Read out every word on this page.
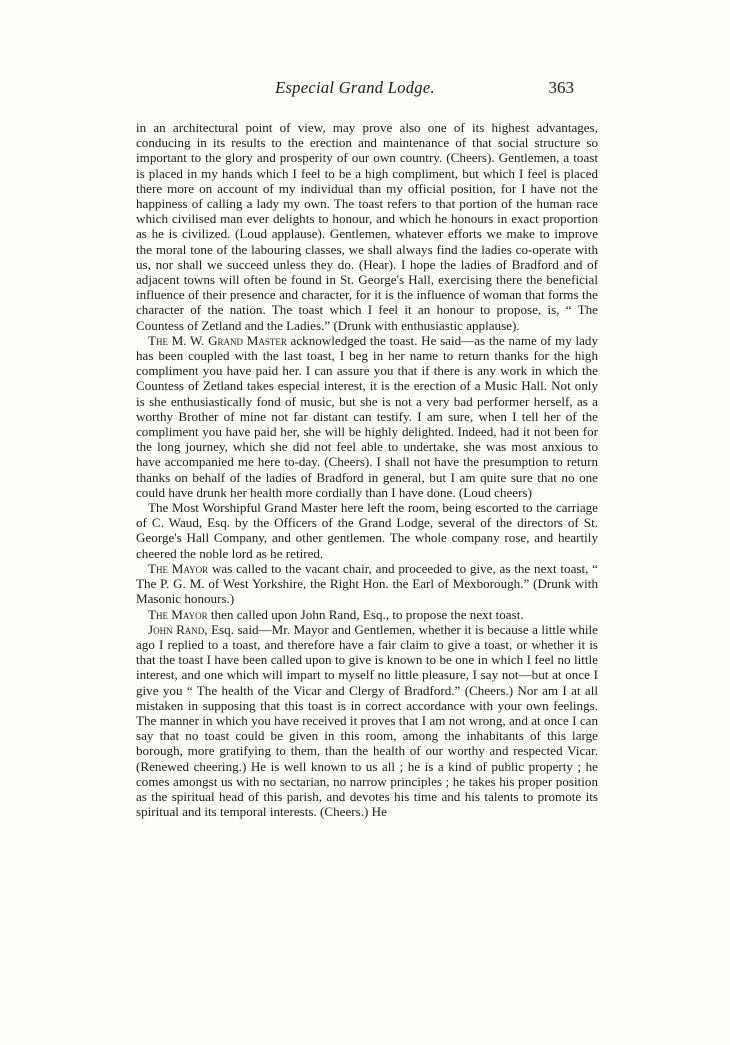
Especial Grand Lodge.	363

in an architectural point of view, may prove also one of its highest advantages, conducing in its results to the erection and maintenance of that social structure so important to the glory and prosperity of our own country. (Cheers). Gentlemen, a toast is placed in my hands which I feel to be a high compliment, but which I feel is placed there more on account of my individual than my official position, for I have not the happiness of calling a lady my own. The toast refers to that portion of the human race which civilised man ever delights to honour, and which he honours in exact proportion as he is civilized. (Loud applause). Gentlemen, whatever efforts we make to improve the moral tone of the labouring classes, we shall always find the ladies co-operate with us, nor shall we succeed unless they do. (Hear). I hope the ladies of Bradford and of adjacent towns will often be found in St. George's Hall, exercising there the beneficial influence of their presence and character, for it is the influence of woman that forms the character of the nation. The toast which I feel it an honour to propose, is, “ The Countess of Zetland and the Ladies.” (Drunk with enthusiastic applause).

The M. W. Grand Master acknowledged the toast. He said—as the name of my lady has been coupled with the last toast, I beg in her name to return thanks for the high compliment you have paid her. I can assure you that if there is any work in which the Countess of Zetland takes especial interest, it is the erection of a Music Hall. Not only is she enthusiastically fond of music, but she is not a very bad performer herself, as a worthy Brother of mine not far distant can testify. I am sure, when I tell her of the compliment you have paid her, she will be highly delighted. Indeed, had it not been for the long journey, which she did not feel able to undertake, she was most anxious to have accompanied me here to-day. (Cheers). I shall not have the presumption to return thanks on behalf of the ladies of Bradford in general, but I am quite sure that no one could have drunk her health more cordially than I have done. (Loud cheers)

The Most Worshipful Grand Master here left the room, being escorted to the carriage of C. Waud, Esq. by the Officers of the Grand Lodge, several of the directors of St. George's Hall Company, and other gentlemen. The whole company rose, and heartily cheered the noble lord as he retired.

The Mayor was called to the vacant chair, and proceeded to give, as the next toast, “ The P. G. M. of West Yorkshire, the Right Hon. the Earl of Mexborough.” (Drunk with Masonic honours.)

The Mayor then called upon John Rand, Esq., to propose the next toast.

John Rand, Esq. said—Mr. Mayor and Gentlemen, whether it is because a little while ago I replied to a toast, and therefore have a fair claim to give a toast, or whether it is that the toast I have been called upon to give is known to be one in which I feel no little interest, and one which will impart to myself no little pleasure, I say not—but at once I give you “ The health of the Vicar and Clergy of Bradford.” (Cheers.) Nor am I at all mistaken in supposing that this toast is in correct accordance with your own feelings. The manner in which you have received it proves that I am not wrong, and at once I can say that no toast could be given in this room, among the inhabitants of this large borough, more gratifying to them, than the health of our worthy and respected Vicar. (Renewed cheering.) He is well known to us all ; he is a kind of public property ; he comes amongst us with no sectarian, no narrow principles ; he takes his proper position as the spiritual head of this parish, and devotes his time and his talents to promote its spiritual and its temporal interests. (Cheers.) He
